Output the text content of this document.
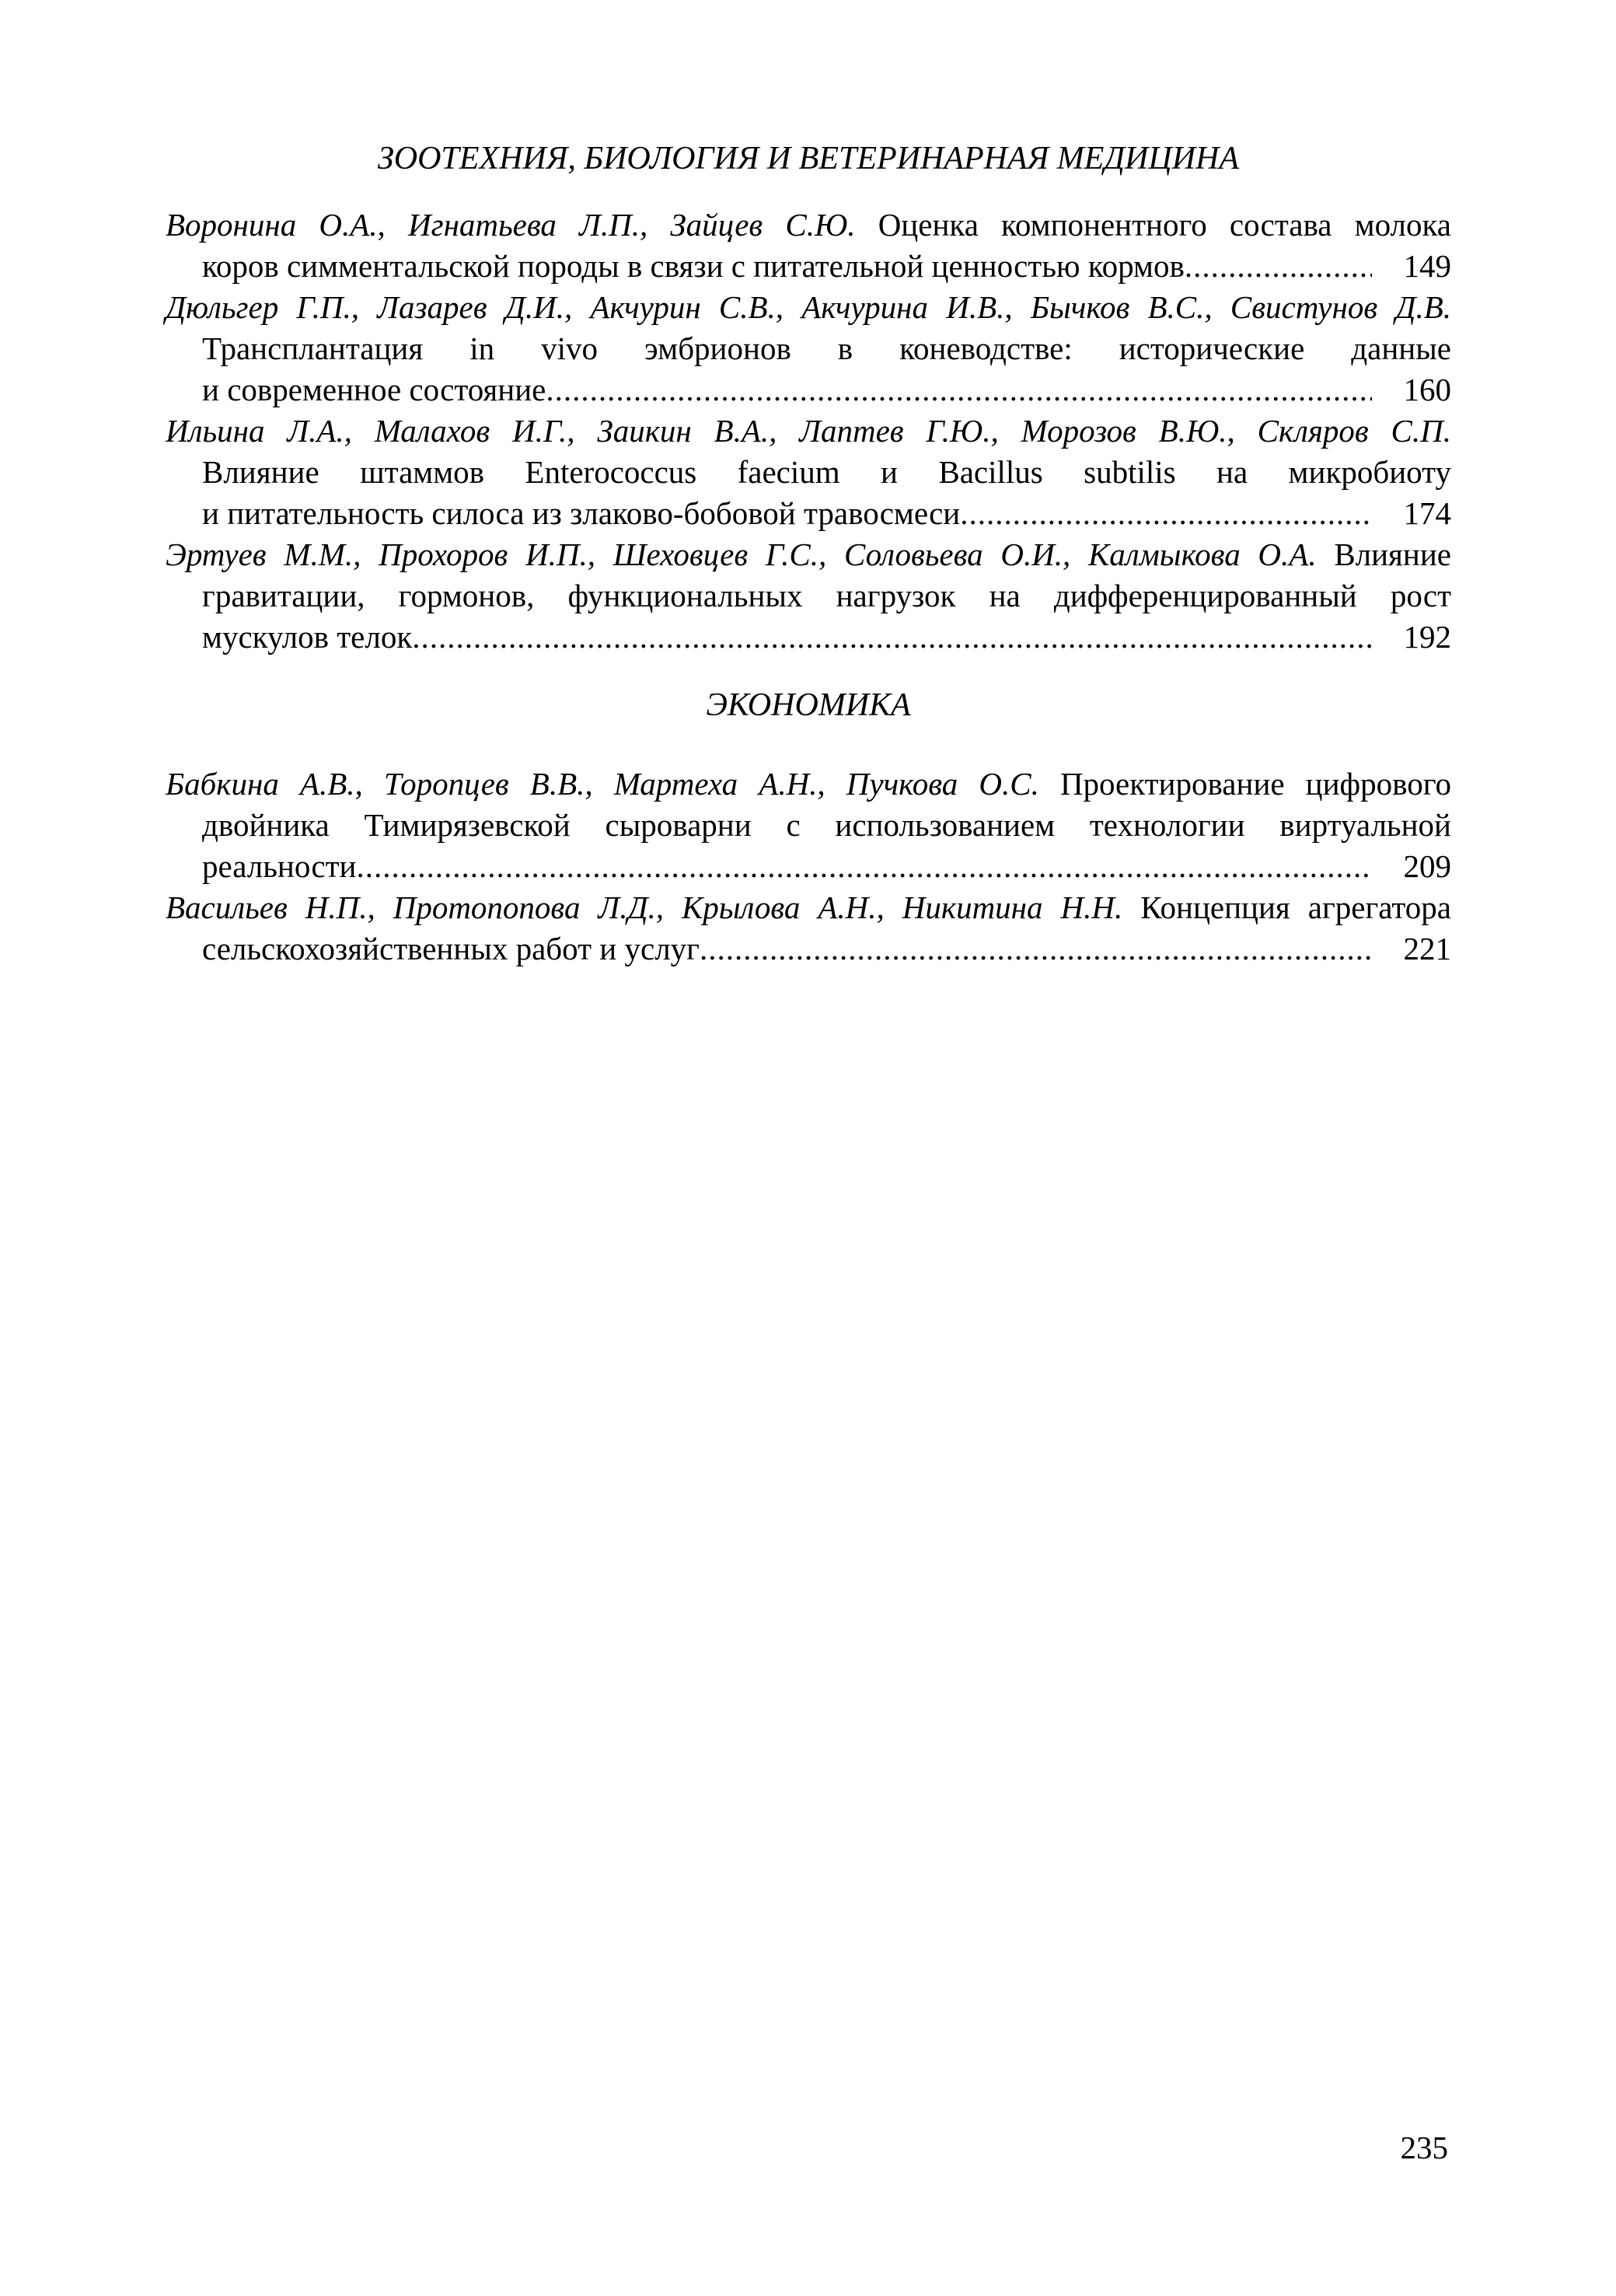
ЗООТЕХНИЯ, БИОЛОГИЯ И ВЕТЕРИНАРНАЯ МЕДИЦИНА
Воронина О.А., Игнатьева Л.П., Зайцев С.Ю. Оценка компонентного состава молока
коров симментальской породы в связи с питательной ценностью кормов .....	149
Дюльгер Г.П., Лазарев Д.И., Акчурин С.В., Акчурина И.В., Бычков В.С., Свистунов Д.В.
Трансплантация in vivo эмбрионов в коневодстве: исторические данные
и современное состояние .....	160
Ильина Л.А., Малахов И.Г., Заикин В.А., Лаптев Г.Ю., Морозов В.Ю., Скляров С.П.
Влияние штаммов Enterococcus faecium и Bacillus subtilis на микробиоту
и питательность силоса из злаково-бобовой травосмеси .....	174
Эртуев М.М., Прохоров И.П., Шеховцев Г.С., Соловьева О.И., Калмыкова О.А. Влияние
гравитации, гормонов, функциональных нагрузок на дифференцированный рост
мускулов телок .....	192
ЭКОНОМИКА
Бабкина А.В., Торопцев В.В., Мартеха А.Н., Пучкова О.С. Проектирование цифрового
двойника Тимирязевской сыроварни с использованием технологии виртуальной
реальности .....	209
Васильев Н.П., Протопопова Л.Д., Крылова А.Н., Никитина Н.Н. Концепция агрегатора
сельскохозяйственных работ и услуг .....	221
235
